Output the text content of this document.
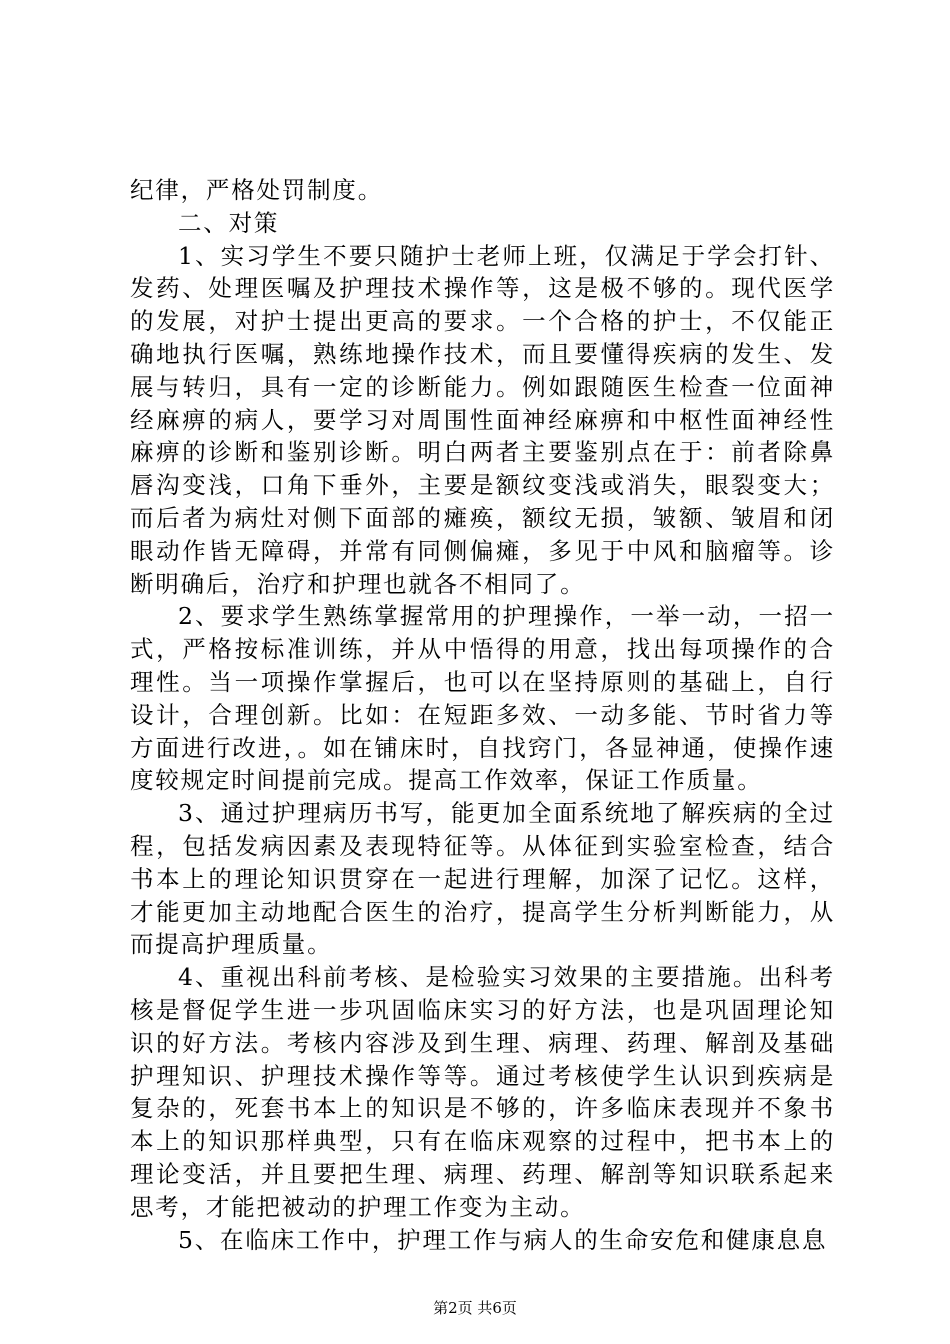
纪律，严格处罚制度。

二、对策

1、实习学生不要只随护士老师上班，仅满足于学会打针、发药、处理医嘱及护理技术操作等，这是极不够的。现代医学的发展，对护士提出更高的要求。一个合格的护士，不仅能正确地执行医嘱，熟练地操作技术，而且要懂得疾病的发生、发展与转归，具有一定的诊断能力。例如跟随医生检查一位面神经麻痹的病人，要学习对周围性面神经麻痹和中枢性面神经性麻痹的诊断和鉴别诊断。明白两者主要鉴别点在于：前者除鼻唇沟变浅，口角下垂外，主要是额纹变浅或消失，眼裂变大；而后者为病灶对侧下面部的瘫痪，额纹无损，皱额、皱眉和闭眼动作皆无障碍，并常有同侧偏瘫，多见于中风和脑瘤等。诊断明确后，治疗和护理也就各不相同了。

2、要求学生熟练掌握常用的护理操作，一举一动，一招一式，严格按标准训练，并从中悟得的用意，找出每项操作的合理性。当一项操作掌握后，也可以在坚持原则的基础上，自行设计，合理创新。比如：在短距多效、一动多能、节时省力等方面进行改进，。如在铺床时，自找窍门，各显神通，使操作速度较规定时间提前完成。提高工作效率，保证工作质量。

3、通过护理病历书写，能更加全面系统地了解疾病的全过程，包括发病因素及表现特征等。从体征到实验室检查，结合书本上的理论知识贯穿在一起进行理解，加深了记忆。这样，才能更加主动地配合医生的治疗，提高学生分析判断能力，从而提高护理质量。

4、重视出科前考核、是检验实习效果的主要措施。出科考核是督促学生进一步巩固临床实习的好方法，也是巩固理论知识的好方法。考核内容涉及到生理、病理、药理、解剖及基础护理知识、护理技术操作等等。通过考核使学生认识到疾病是复杂的，死套书本上的知识是不够的，许多临床表现并不象书本上的知识那样典型，只有在临床观察的过程中，把书本上的理论变活，并且要把生理、病理、药理、解剖等知识联系起来思考，才能把被动的护理工作变为主动。

5、在临床工作中，护理工作与病人的生命安危和健康息息

第2页 共6页
